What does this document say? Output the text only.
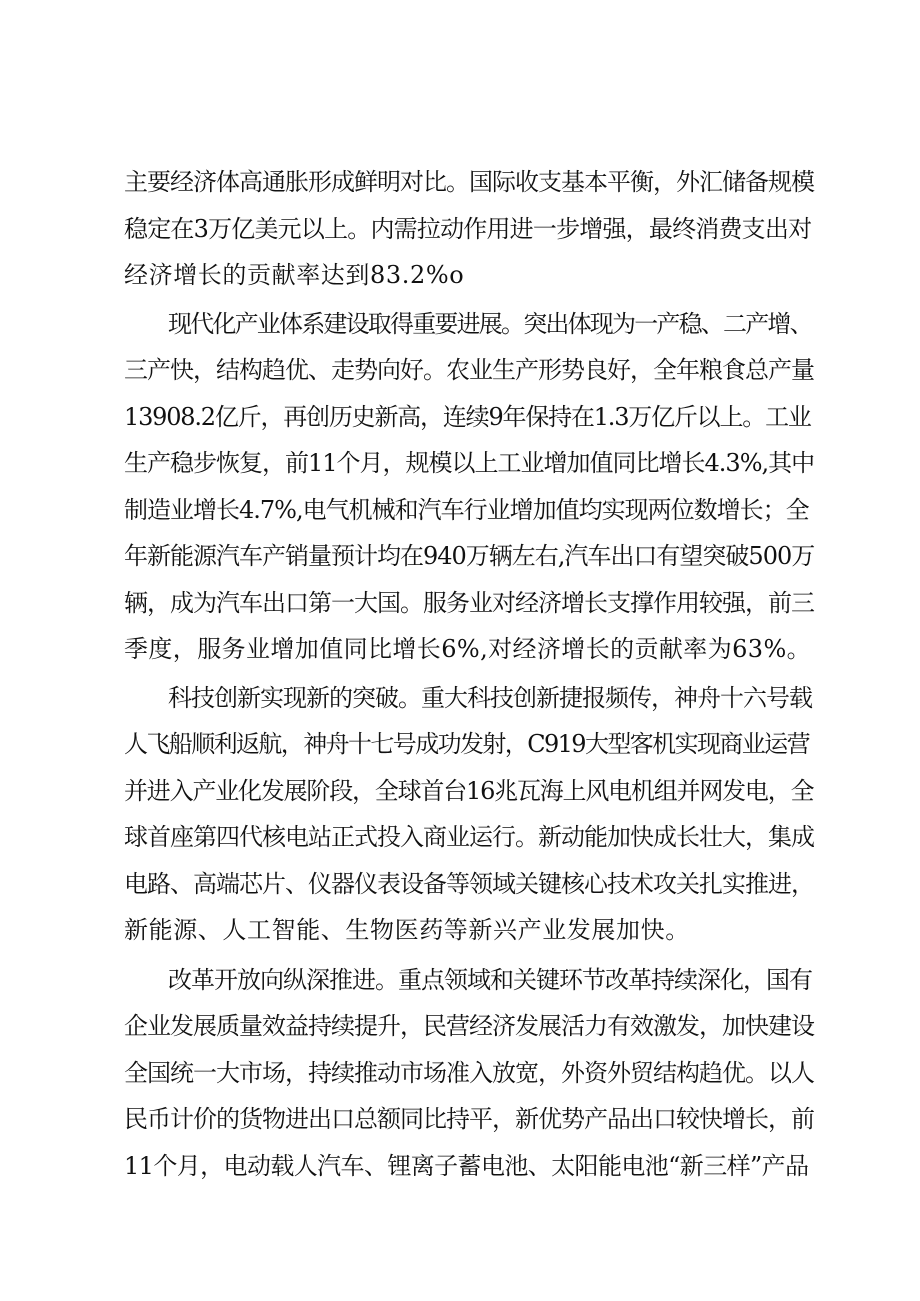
主要经济体高通胀形成鲜明对比。国际收支基本平衡，外汇储备规模
稳定在3万亿美元以上。内需拉动作用进一步增强，最终消费支出对
经济增长的贡献率达到83.2%o
现代化产业体系建设取得重要进展。突出体现为一产稳、二产增、
三产快，结构趋优、走势向好。农业生产形势良好，全年粮食总产量
13908.2亿斤，再创历史新高，连续9年保持在1.3万亿斤以上。工业
生产稳步恢复，前11个月，规模以上工业增加值同比增长4.3%,其中
制造业增长4.7%,电气机械和汽车行业增加值均实现两位数增长；全
年新能源汽车产销量预计均在940万辆左右,汽车出口有望突破500万
辆，成为汽车出口第一大国。服务业对经济增长支撑作用较强，前三
季度，服务业增加值同比增长6%,对经济增长的贡献率为63%。
科技创新实现新的突破。重大科技创新捷报频传，神舟十六号载
人飞船顺利返航，神舟十七号成功发射，C919大型客机实现商业运营
并进入产业化发展阶段，全球首台16兆瓦海上风电机组并网发电，全
球首座第四代核电站正式投入商业运行。新动能加快成长壮大，集成
电路、高端芯片、仪器仪表设备等领域关键核心技术攻关扎实推进，
新能源、人工智能、生物医药等新兴产业发展加快。
改革开放向纵深推进。重点领域和关键环节改革持续深化，国有
企业发展质量效益持续提升，民营经济发展活力有效激发，加快建设
全国统一大市场，持续推动市场准入放宽，外资外贸结构趋优。以人
民币计价的货物进出口总额同比持平，新优势产品出口较快增长，前
11个月，电动载人汽车、锂离子蓄电池、太阳能电池“新三样”产品
